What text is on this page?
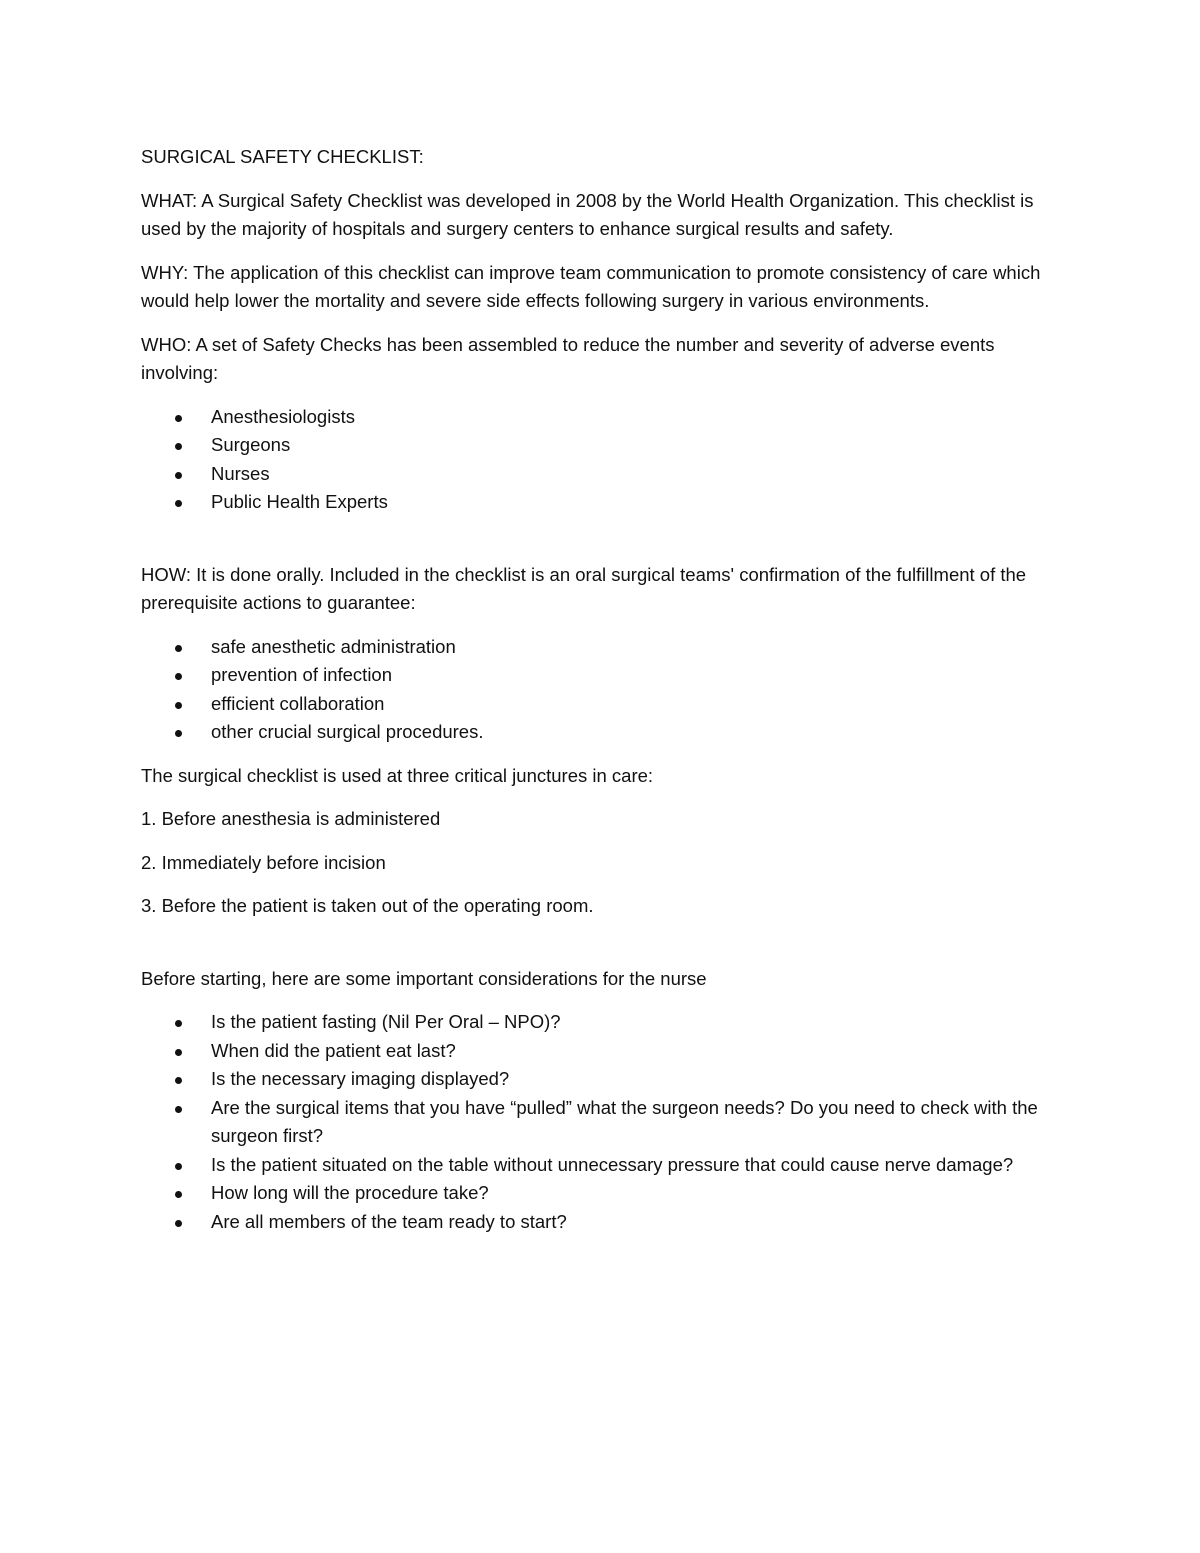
SURGICAL SAFETY CHECKLIST:

WHAT: A Surgical Safety Checklist was developed in 2008 by the World Health Organization. This checklist is used by the majority of hospitals and surgery centers to enhance surgical results and safety.

WHY: The application of this checklist can improve team communication to promote consistency of care which would help lower the mortality and severe side effects following surgery in various environments.

WHO: A set of Safety Checks has been assembled to reduce the number and severity of adverse events involving:

Anesthesiologists
Surgeons
Nurses
Public Health Experts

HOW: It is done orally. Included in the checklist is an oral surgical teams' confirmation of the fulfillment of the prerequisite actions to guarantee:

safe anesthetic administration
prevention of infection
efficient collaboration
other crucial surgical procedures.

The surgical checklist is used at three critical junctures in care:

1. Before anesthesia is administered

2. Immediately before incision

3. Before the patient is taken out of the operating room.

Before starting, here are some important considerations for the nurse

Is the patient fasting (Nil Per Oral – NPO)?
When did the patient eat last?
Is the necessary imaging displayed?
Are the surgical items that you have “pulled” what the surgeon needs? Do you need to check with the surgeon first?
Is the patient situated on the table without unnecessary pressure that could cause nerve damage?
How long will the procedure take?
Are all members of the team ready to start?
